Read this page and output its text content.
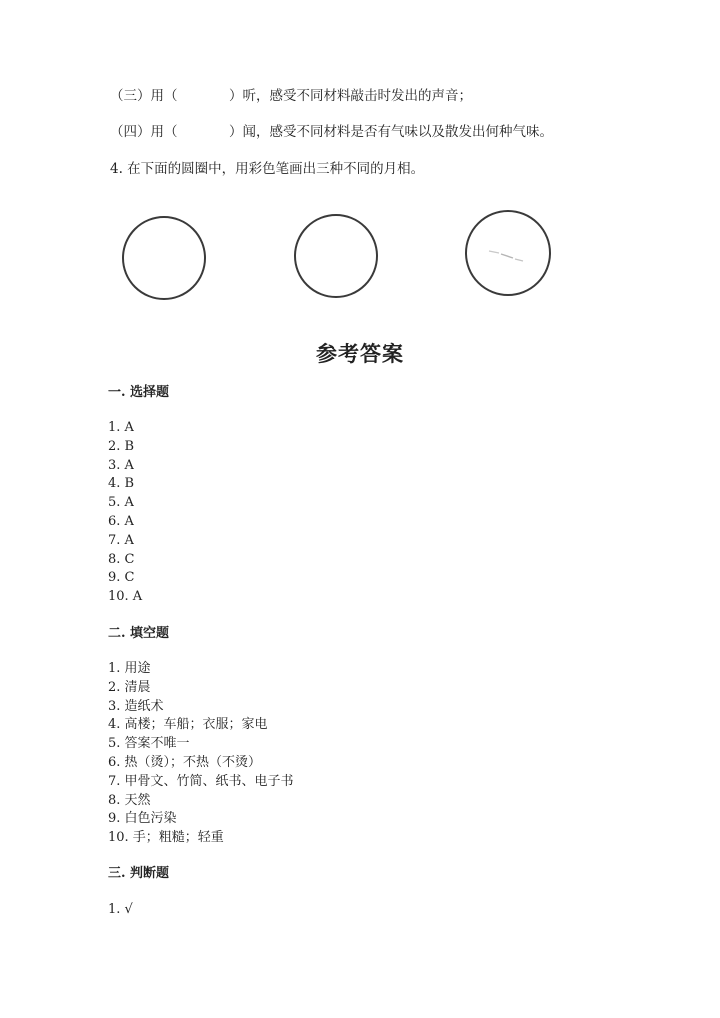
（三）用（            ）听，感受不同材料敲击时发出的声音；
（四）用（            ）闻，感受不同材料是否有气味以及散发出何种气味。
4. 在下面的圆圈中，用彩色笔画出三种不同的月相。
参考答案
一. 选择题
1. A
2. B
3. A
4. B
5. A
6. A
7. A
8. C
9. C
10. A
二. 填空题
1. 用途
2. 清晨
3. 造纸术
4. 高楼；车船；衣服；家电
5. 答案不唯一
6. 热（烫）；不热（不烫）
7. 甲骨文、竹简、纸书、电子书
8. 天然
9. 白色污染
10. 手；粗糙；轻重
三. 判断题
1. √
